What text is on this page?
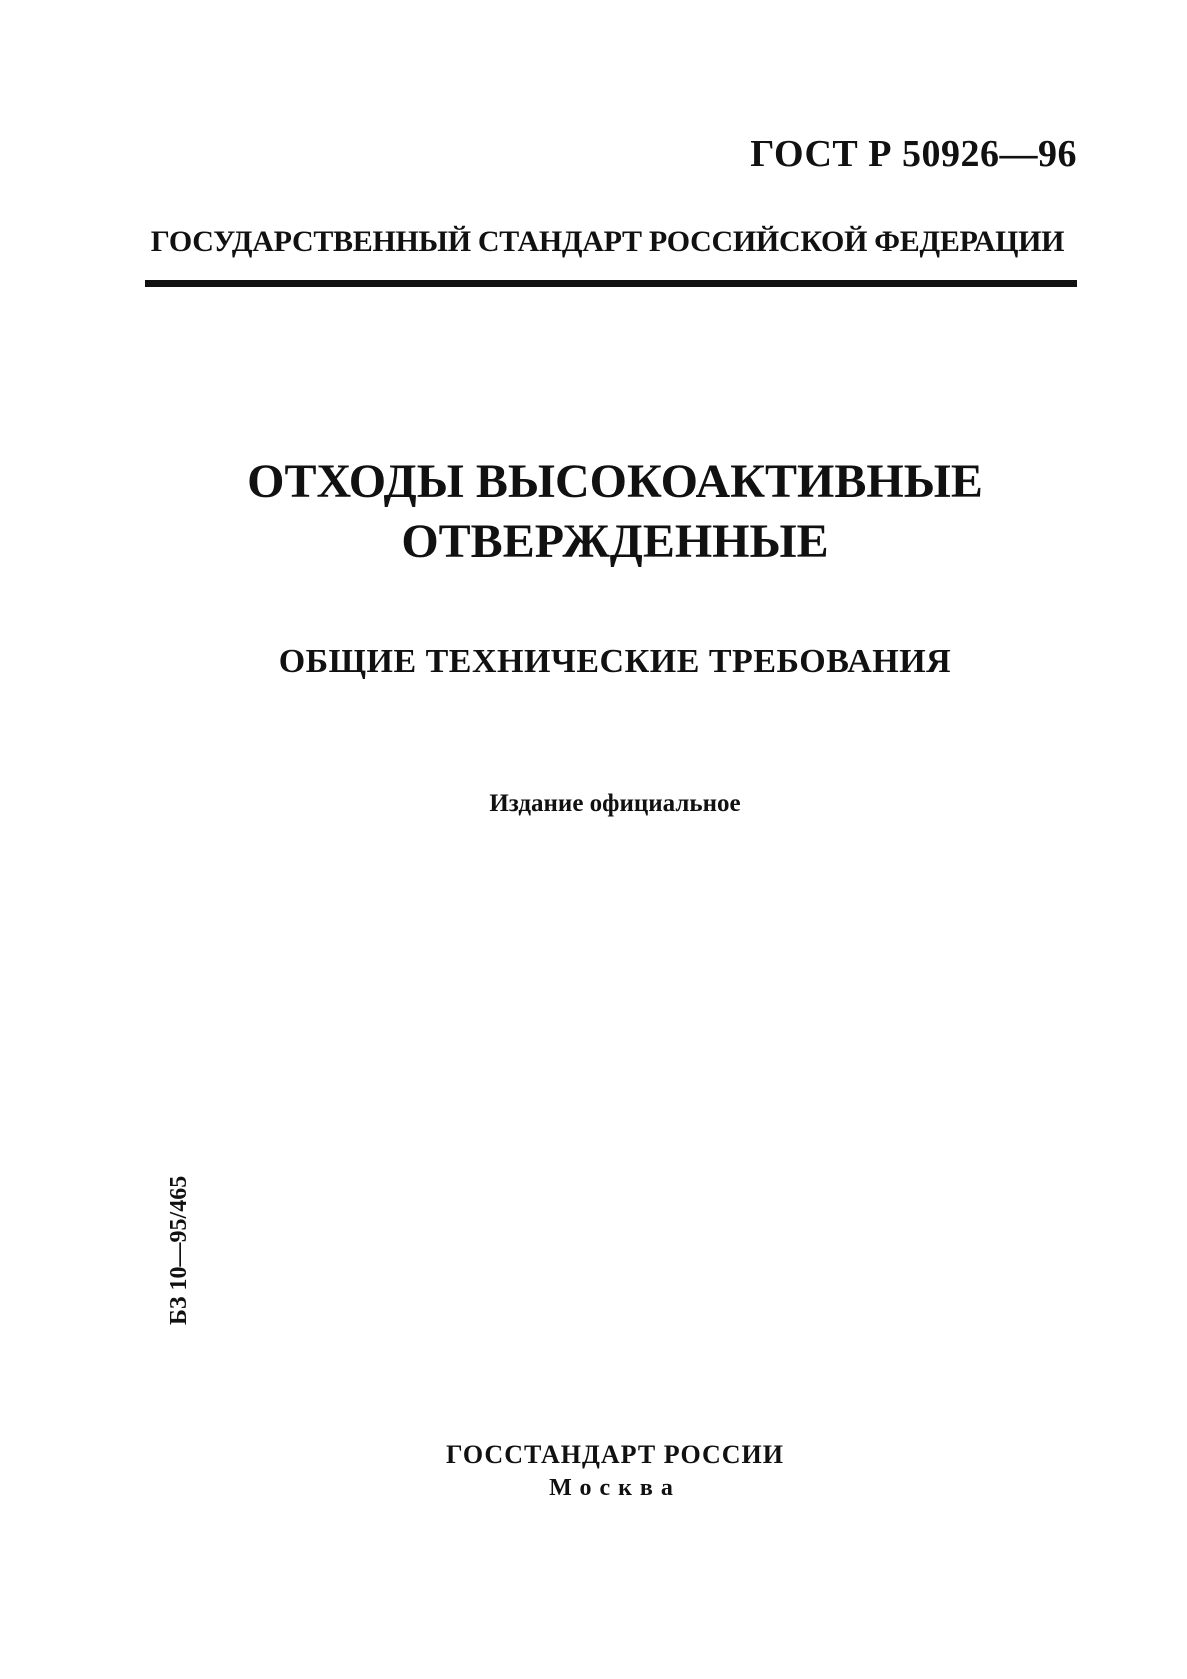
ГОСТ Р 50926—96
ГОСУДАРСТВЕННЫЙ СТАНДАРТ РОССИЙСКОЙ ФЕДЕРАЦИИ
ОТХОДЫ ВЫСОКОАКТИВНЫЕ
ОТВЕРЖДЕННЫЕ
ОБЩИЕ ТЕХНИЧЕСКИЕ ТРЕБОВАНИЯ
Издание официальное
БЗ 10—95/465
ГОССТАНДАРТ РОССИИ
Москва
